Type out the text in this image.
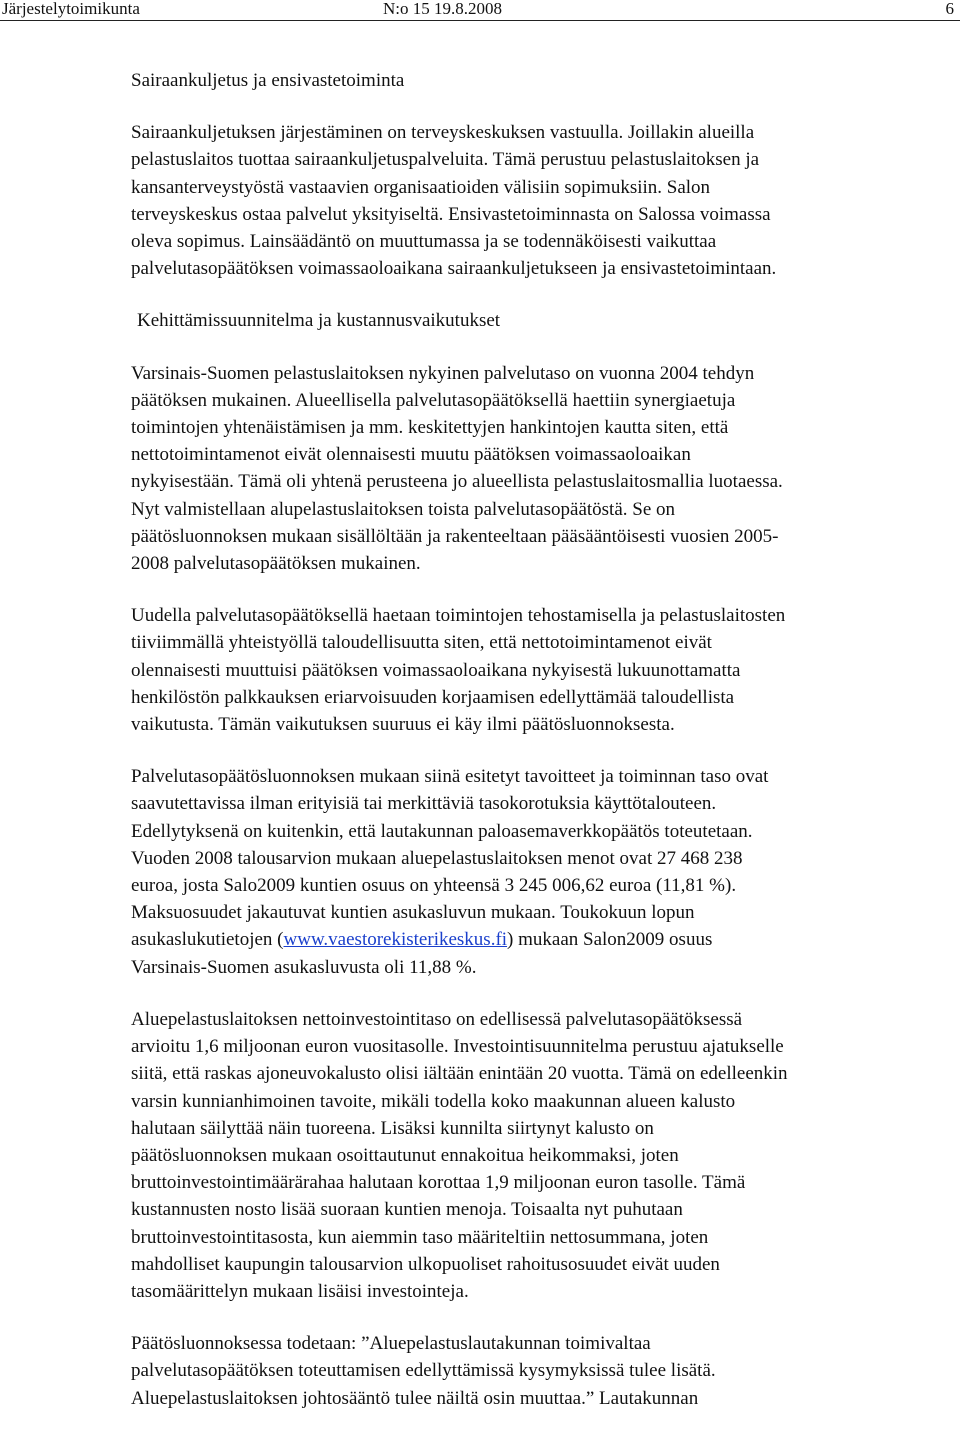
Järjestelytoimikunta	N:o 15 19.8.2008	6
Sairaankuljetus ja ensivastetoiminta

Sairaankuljetuksen järjestäminen on terveyskeskuksen vastuulla. Joillakin alueilla
pelastuslaitos tuottaa sairaankuljetuspalveluita. Tämä perustuu pelastuslaitoksen ja
kansanterveystyöstä vastaavien organisaatioiden välisiin sopimuksiin. Salon
terveyskeskus ostaa palvelut yksityiseltä. Ensivastetoiminnasta on Salossa voimassa
oleva sopimus. Lainsäädäntö on muuttumassa ja se todennäköisesti vaikuttaa
palvelutasopäätöksen voimassaoloaikana sairaankuljetukseen ja ensivastetoimintaan.

Kehittämissuunnitelma ja kustannusvaikutukset

Varsinais-Suomen pelastuslaitoksen nykyinen palvelutaso on vuonna 2004 tehdyn
päätöksen mukainen. Alueellisella palvelutasopäätöksellä haettiin synergiaetuja
toimintojen yhtenäistämisen ja mm. keskitettyjen hankintojen kautta siten, että
nettotoimintamenot eivät olennaisesti muutu päätöksen voimassaoloaikan
nykyisestään. Tämä oli yhtenä perusteena jo alueellista pelastuslaitosmallia luotaessa.
Nyt valmistellaan alupelastuslaitoksen toista palvelutasopäätöstä. Se on
päätösluonnoksen mukaan sisällöltään ja rakenteeltaan pääsääntöisesti vuosien 2005-
2008 palvelutasopäätöksen mukainen.

Uudella palvelutasopäätöksellä haetaan toimintojen tehostamisella ja pelastuslaitosten
tiiviimmällä yhteistyöllä taloudellisuutta siten, että nettotoimintamenot eivät
olennaisesti muuttuisi päätöksen voimassaoloaikana nykyisestä lukuunottamatta
henkilöstön palkkauksen eriarvoisuuden korjaamisen edellyttämää taloudellista
vaikutusta. Tämän vaikutuksen suuruus ei käy ilmi päätösluonnoksesta.

Palvelutasopäätösluonnoksen mukaan siinä esitetyt tavoitteet ja toiminnan taso ovat
saavutettavissa ilman erityisiä tai merkittäviä tasokorotuksia käyttötalouteen.
Edellytyksenä on kuitenkin, että lautakunnan paloasemaverkkopäätös toteutetaan.
Vuoden 2008 talousarvion mukaan aluepelastuslaitoksen menot ovat 27 468 238
euroa, josta Salo2009 kuntien osuus on yhteensä 3 245 006,62 euroa (11,81 %).
Maksuosuudet jakautuvat kuntien asukasluvun mukaan. Toukokuun lopun
asukaslukutietojen (www.vaestorekisterikeskus.fi) mukaan Salon2009 osuus
Varsinais-Suomen asukasluvusta oli 11,88 %.

Aluepelastuslaitoksen nettoinvestointitaso on edellisessä palvelutasopäätöksessä
arvioitu 1,6 miljoonan euron vuositasolle. Investointisuunnitelma perustuu ajatukselle
siitä, että raskas ajoneuvokalusto olisi iältään enintään 20 vuotta. Tämä on edelleenkin
varsin kunnianhimoinen tavoite, mikäli todella koko maakunnan alueen kalusto
halutaan säilyttää näin tuoreena. Lisäksi kunnilta siirtynyt kalusto on
päätösluonnoksen mukaan osoittautunut ennakoitua heikommaksi, joten
bruttoinvestointimäärärahaa halutaan korottaa 1,9 miljoonan euron tasolle. Tämä
kustannusten nosto lisää suoraan kuntien menoja. Toisaalta nyt puhutaan
bruttoinvestointitasosta, kun aiemmin taso määriteltiin nettosummana, joten
mahdolliset kaupungin talousarvion ulkopuoliset rahoitusosuudet eivät uuden
tasomäärittelyn mukaan lisäisi investointeja.

Päätösluonnoksessa todetaan: ”Aluepelastuslautakunnan toimivaltaa
palvelutasopäätöksen toteuttamisen edellyttämissä kysymyksissä tulee lisätä.
Aluepelastuslaitoksen johtosääntö tulee näiltä osin muuttaa.” Lautakunnan
